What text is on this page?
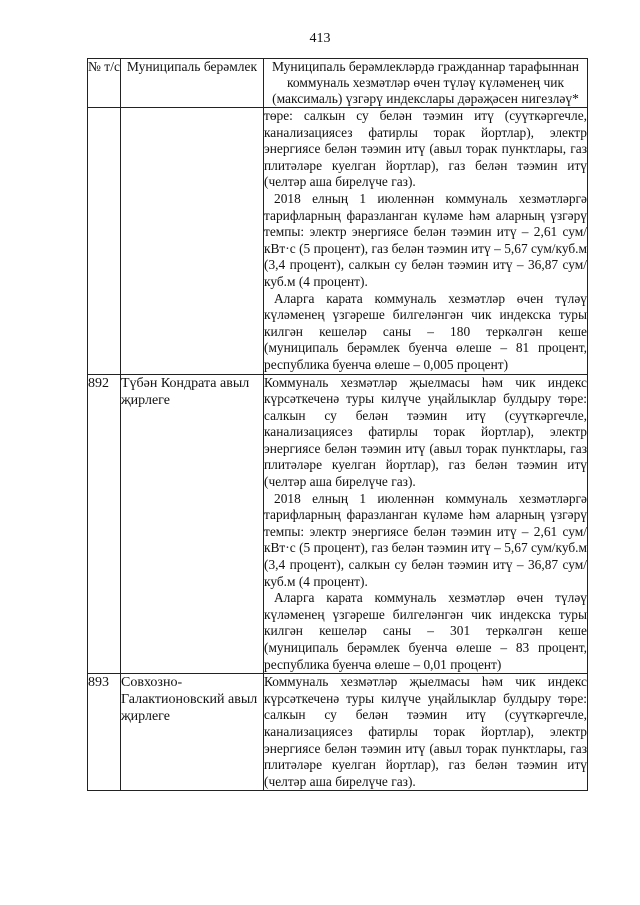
413
№ т/с	Муниципаль берәмлек	Муниципаль берәмлекләрдә гражданнар тарафыннан коммуналь хезмәтләр өчен түләү күләменең чик (максималь) үзгәрү индекслары дәрәҗәсен нигезләү*

		төре: салкын су белән тәэмин итү (суүткәргечле, канализациясез фатирлы торак йортлар), электр энергиясе белән тәэмин итү (авыл торак пунктлары, газ плитәләре куелган йортлар), газ белән тәэмин итү (челтәр аша бирелүче газ).
2018 елның 1 июленнән коммуналь хезмәтләргә тарифларның фаразланган күләме һәм аларның үзгәрү темпы: электр энергиясе белән тәэмин итү – 2,61 сум/кВт·с (5 процент), газ белән тәэмин итү – 5,67 сум/куб.м (3,4 процент), салкын су белән тәэмин итү – 36,87 сум/куб.м (4 процент).
Аларга карата коммуналь хезмәтләр өчен түләү күләменең үзгәреше билгеләнгән чик индекска туры килгән кешеләр саны – 180 теркәлгән кеше (муниципаль берәмлек буенча өлеше – 81 процент, республика буенча өлеше – 0,005 процент)

892	Түбән Кондрата авыл җирлеге	Коммуналь хезмәтләр җыелмасы һәм чик индекс күрсәткеченә туры килүче уңайлыклар булдыру төре: салкын су белән тәэмин итү (суүткәргечле, канализациясез фатирлы торак йортлар), электр энергиясе белән тәэмин итү (авыл торак пунктлары, газ плитәләре куелган йортлар), газ белән тәэмин итү (челтәр аша бирелүче газ).
2018 елның 1 июленнән коммуналь хезмәтләргә тарифларның фаразланган күләме һәм аларның үзгәрү темпы: электр энергиясе белән тәэмин итү – 2,61 сум/кВт·с (5 процент), газ белән тәэмин итү – 5,67 сум/куб.м (3,4 процент), салкын су белән тәэмин итү – 36,87 сум/куб.м (4 процент).
Аларга карата коммуналь хезмәтләр өчен түләү күләменең үзгәреше билгеләнгән чик индекска туры килгән кешеләр саны – 301 теркәлгән кеше (муниципаль берәмлек буенча өлеше – 83 процент, республика буенча өлеше – 0,01 процент)

893	Совхозно-Галактионовский авыл җирлеге	Коммуналь хезмәтләр җыелмасы һәм чик индекс күрсәткеченә туры килүче уңайлыклар булдыру төре: салкын су белән тәэмин итү (суүткәргечле, канализациясез фатирлы торак йортлар), электр энергиясе белән тәэмин итү (авыл торак пунктлары, газ плитәләре куелган йортлар), газ белән тәэмин итү (челтәр аша бирелүче газ).
